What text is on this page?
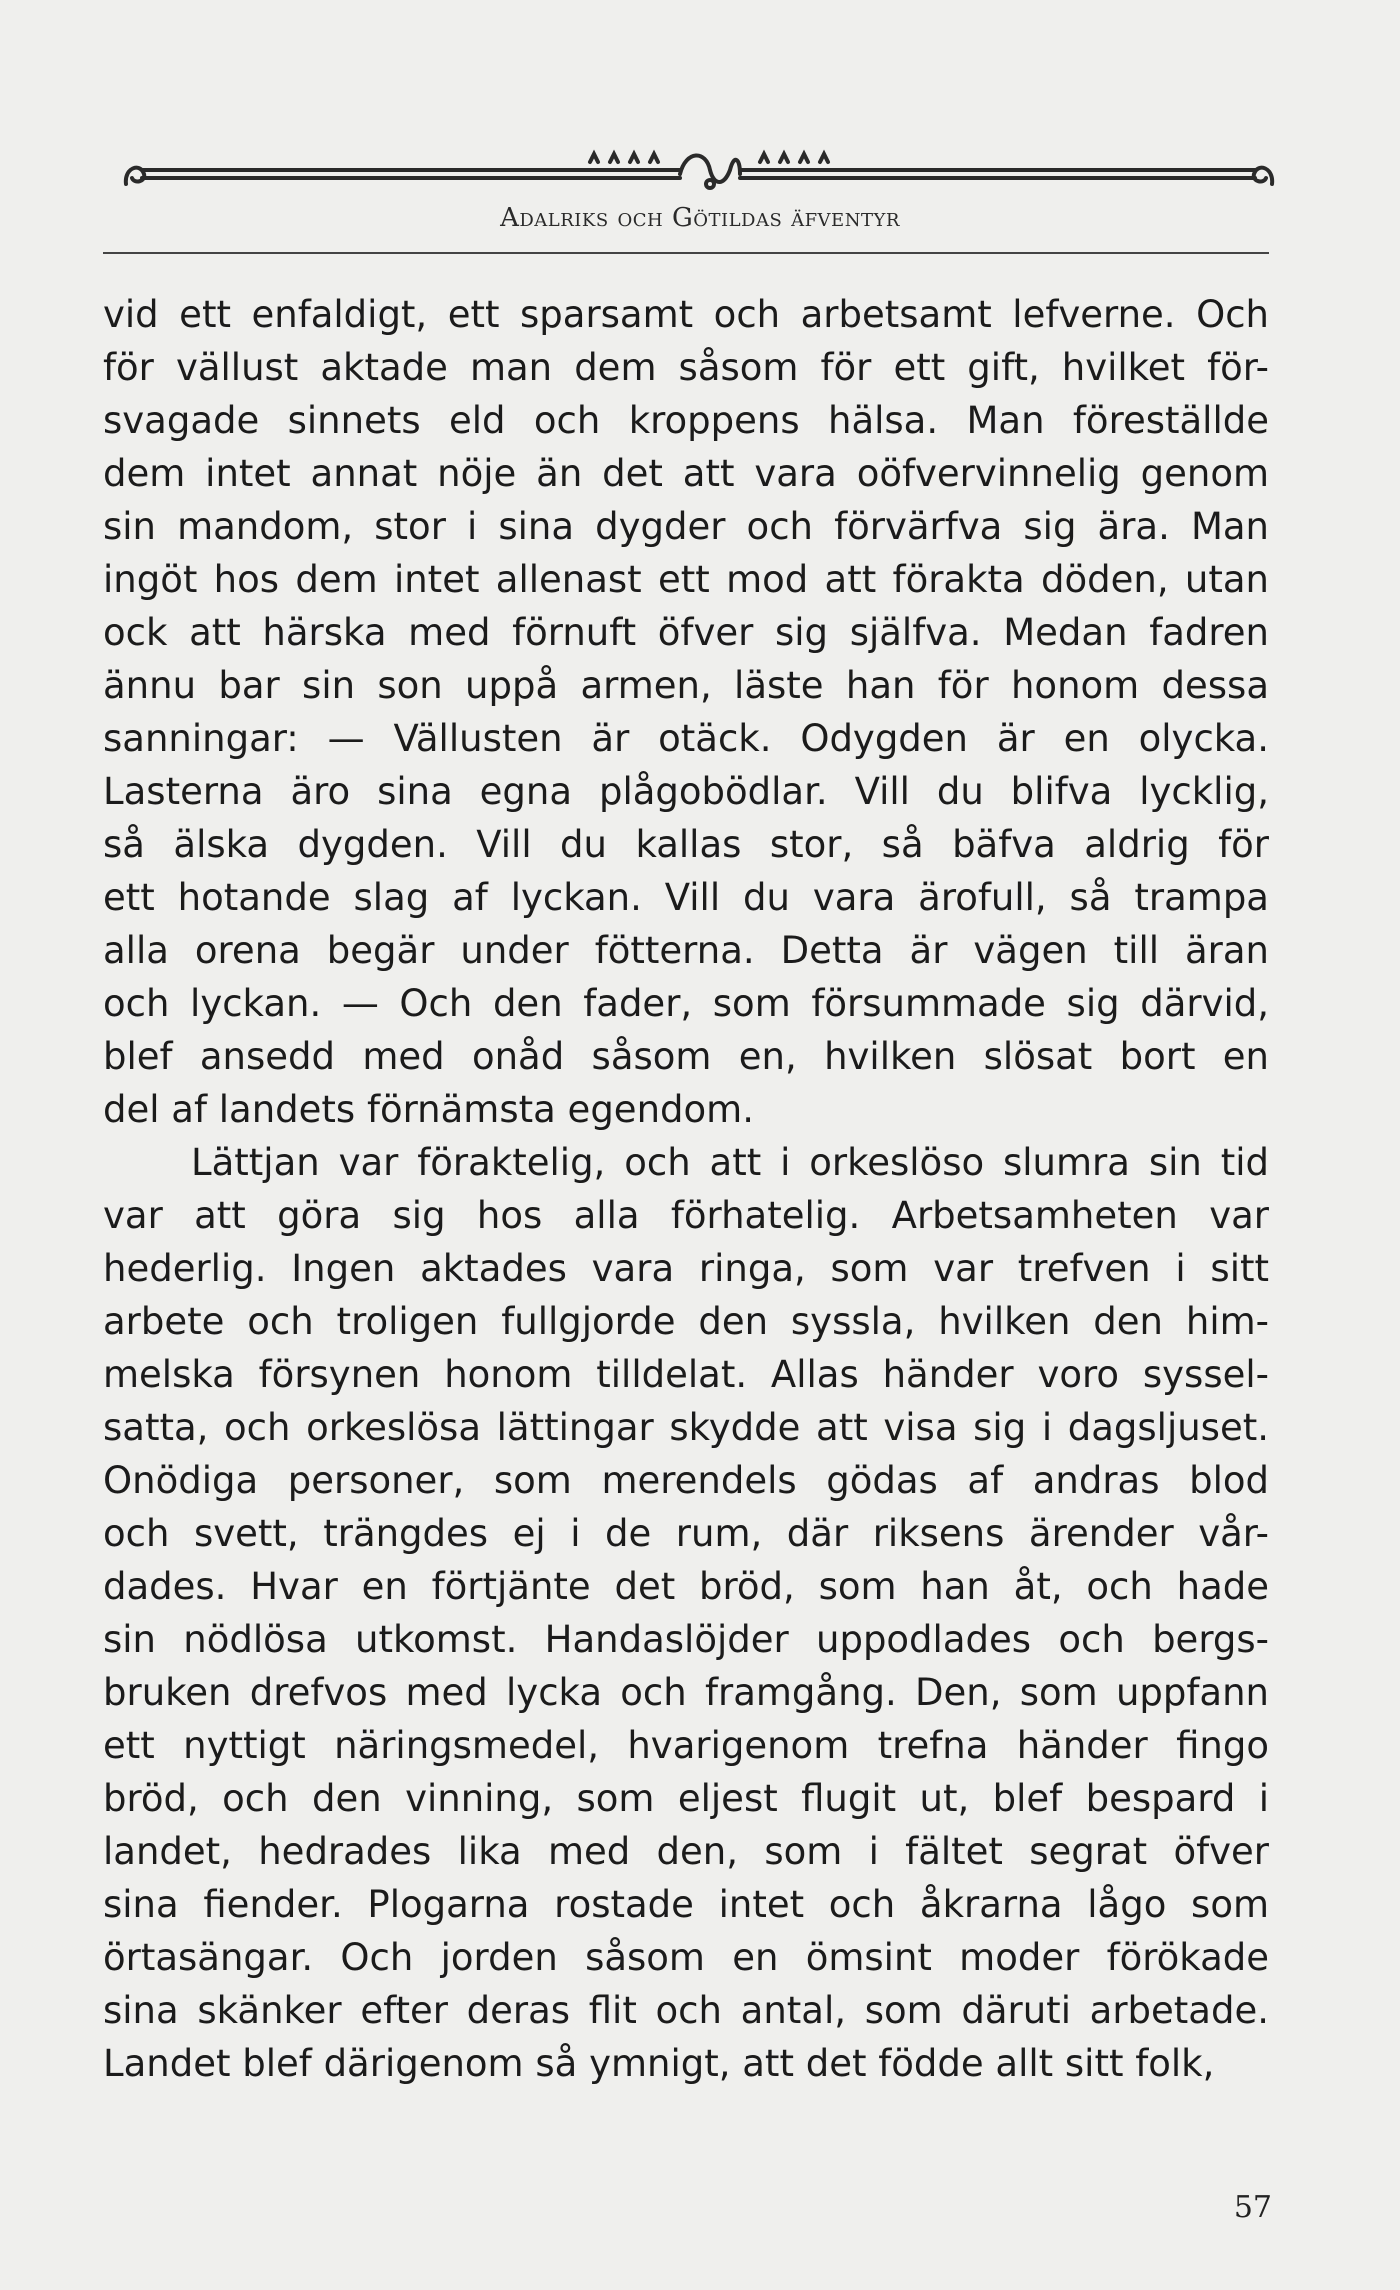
Adalriks och Götildas äfventyr
vid ett enfaldigt, ett sparsamt och arbetsamt lefverne. Och
för vällust aktade man dem såsom för ett gift, hvilket för-
svagade sinnets eld och kroppens hälsa. Man föreställde
dem intet annat nöje än det att vara oöfvervinnelig genom
sin mandom, stor i sina dygder och förvärfva sig ära. Man
ingöt hos dem intet allenast ett mod att förakta döden, utan
ock att härska med förnuft öfver sig själfva. Medan fadren
ännu bar sin son uppå armen, läste han för honom dessa
sanningar: — Vällusten är otäck. Odygden är en olycka.
Lasterna äro sina egna plågobödlar. Vill du blifva lycklig,
så älska dygden. Vill du kallas stor, så bäfva aldrig för
ett hotande slag af lyckan. Vill du vara ärofull, så trampa
alla orena begär under fötterna. Detta är vägen till äran
och lyckan. — Och den fader, som försummade sig därvid,
blef ansedd med onåd såsom en, hvilken slösat bort en
del af landets förnämsta egendom.
Lättjan var föraktelig, och att i orkeslöso slumra sin tid
var att göra sig hos alla förhatelig. Arbetsamheten var
hederlig. Ingen aktades vara ringa, som var trefven i sitt
arbete och troligen fullgjorde den syssla, hvilken den him-
melska försynen honom tilldelat. Allas händer voro syssel-
satta, och orkeslösa lättingar skydde att visa sig i dagsljuset.
Onödiga personer, som merendels gödas af andras blod
och svett, trängdes ej i de rum, där riksens ärender vår-
dades. Hvar en förtjänte det bröd, som han åt, och hade
sin nödlösa utkomst. Handaslöjder uppodlades och bergs-
bruken drefvos med lycka och framgång. Den, som uppfann
ett nyttigt näringsmedel, hvarigenom trefna händer fingo
bröd, och den vinning, som eljest flugit ut, blef bespard i
landet, hedrades lika med den, som i fältet segrat öfver
sina fiender. Plogarna rostade intet och åkrarna lågo som
örtasängar. Och jorden såsom en ömsint moder förökade
sina skänker efter deras flit och antal, som däruti arbetade.
Landet blef därigenom så ymnigt, att det födde allt sitt folk,
57
